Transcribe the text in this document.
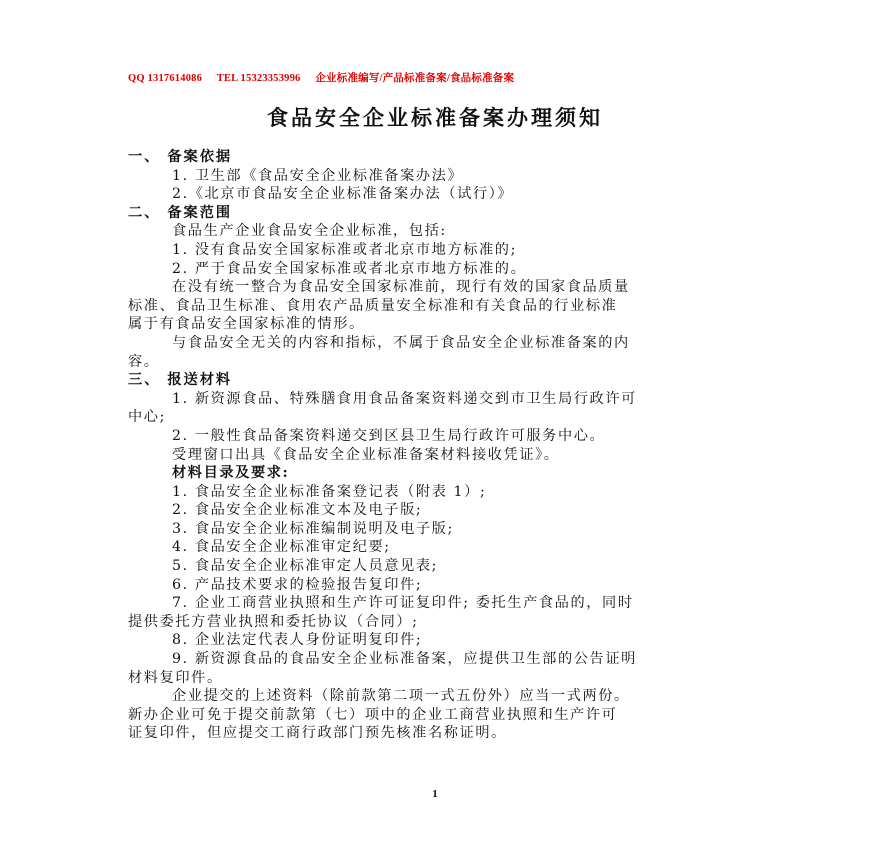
QQ 1317614086 TEL 15323353996 企业标准编写/产品标准备案/食品标准备案
食品安全企业标准备案办理须知
一、 备案依据
1. 卫生部《食品安全企业标准备案办法》
2.《北京市食品安全企业标准备案办法（试行）》
二、 备案范围
食品生产企业食品安全企业标准，包括:
1. 没有食品安全国家标准或者北京市地方标准的;
2. 严于食品安全国家标准或者北京市地方标准的。
在没有统一整合为食品安全国家标准前，现行有效的国家食品质量
标准、食品卫生标准、食用农产品质量安全标准和有关食品的行业标准
属于有食品安全国家标准的情形。
与食品安全无关的内容和指标，不属于食品安全企业标准备案的内
容。
三、 报送材料
1. 新资源食品、特殊膳食用食品备案资料递交到市卫生局行政许可
中心;
2. 一般性食品备案资料递交到区县卫生局行政许可服务中心。
受理窗口出具《食品安全企业标准备案材料接收凭证》。
材料目录及要求:
1. 食品安全企业标准备案登记表（附表 1）;
2. 食品安全企业标准文本及电子版;
3. 食品安全企业标准编制说明及电子版;
4. 食品安全企业标准审定纪要;
5. 食品安全企业标准审定人员意见表;
6. 产品技术要求的检验报告复印件;
7. 企业工商营业执照和生产许可证复印件; 委托生产食品的，同时
提供委托方营业执照和委托协议（合同）;
8. 企业法定代表人身份证明复印件;
9. 新资源食品的食品安全企业标准备案，应提供卫生部的公告证明
材料复印件。
企业提交的上述资料（除前款第二项一式五份外）应当一式两份。
新办企业可免于提交前款第（七）项中的企业工商营业执照和生产许可
证复印件，但应提交工商行政部门预先核准名称证明。
1
